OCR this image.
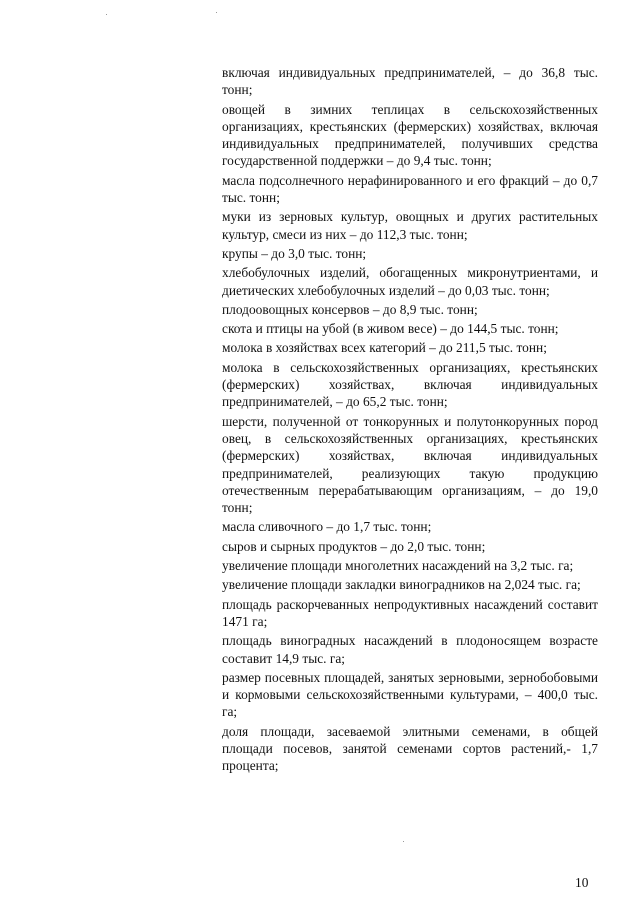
включая индивидуальных предпринимателей, – до 36,8 тыс. тонн;

овощей в зимних теплицах в сельскохозяйственных организациях, крестьянских (фермерских) хозяйствах, включая индивидуальных предпринимателей, получивших средства государственной поддержки – до 9,4 тыс. тонн;

масла подсолнечного нерафинированного и его фракций – до 0,7 тыс. тонн;

муки из зерновых культур, овощных и других растительных культур, смеси из них – до 112,3 тыс. тонн;

крупы – до 3,0 тыс. тонн;

хлебобулочных изделий, обогащенных микронутриентами, и диетических хлебобулочных изделий – до 0,03 тыс. тонн;

плодоовощных консервов – до 8,9 тыс. тонн;

скота и птицы на убой (в живом весе) – до 144,5 тыс. тонн;

молока в хозяйствах всех категорий – до 211,5 тыс. тонн;

молока в сельскохозяйственных организациях, крестьянских (фермерских) хозяйствах, включая индивидуальных предпринимателей, – до 65,2 тыс. тонн;

шерсти, полученной от тонкорунных и полутонкорунных пород овец, в сельскохозяйственных организациях, крестьянских (фермерских) хозяйствах, включая индивидуальных предпринимателей, реализующих такую продукцию отечественным перерабатывающим организациям, – до 19,0 тонн;

масла сливочного – до 1,7 тыс. тонн;

сыров и сырных продуктов – до 2,0 тыс. тонн;

увеличение площади многолетних насаждений на 3,2 тыс. га;

увеличение площади закладки виноградников на 2,024 тыс. га;

площадь раскорчеванных непродуктивных насаждений составит 1471 га;

площадь виноградных насаждений в плодоносящем возрасте составит 14,9 тыс. га;

размер посевных площадей, занятых зерновыми, зернобобовыми и кормовыми сельскохозяйственными культурами, – 400,0 тыс. га;

доля площади, засеваемой элитными семенами, в общей площади посевов, занятой семенами сортов растений,- 1,7 процента;

10
